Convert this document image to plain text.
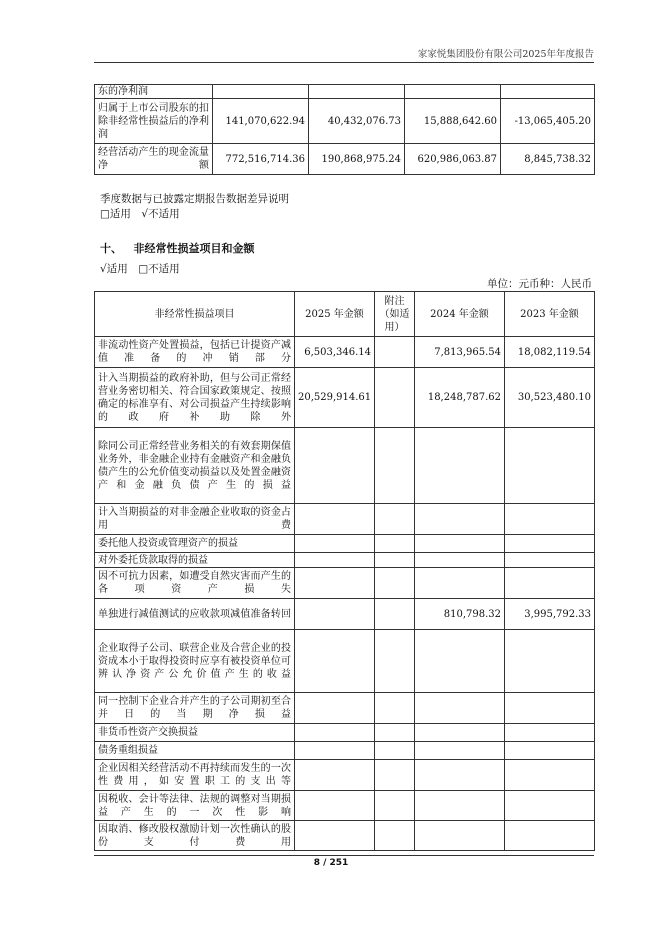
家家悦集团股份有限公司2025年年度报告
东的净利润				
归属于上市公司股东的扣除非经常性损益后的净利润	141,070,622.94	40,432,076.73	15,888,642.60	-13,065,405.20
经营活动产生的现金流量净额	772,516,714.36	190,868,975.24	620,986,063.87	8,845,738.32
季度数据与已披露定期报告数据差异说明
□适用　√不适用
十、 非经常性损益项目和金额
√适用　□不适用
单位：元币种：人民币
非经常性损益项目	2025 年金额	附注（如适用）	2024 年金额	2023 年金额
非流动性资产处置损益，包括已计提资产减值准备的冲销部分	6,503,346.14		7,813,965.54	18,082,119.54
计入当期损益的政府补助，但与公司正常经营业务密切相关、符合国家政策规定、按照确定的标准享有、对公司损益产生持续影响的政府补助除外	20,529,914.61		18,248,787.62	30,523,480.10
除同公司正常经营业务相关的有效套期保值业务外，非金融企业持有金融资产和金融负债产生的公允价值变动损益以及处置金融资产和金融负债产生的损益				
计入当期损益的对非金融企业收取的资金占用费				
委托他人投资或管理资产的损益				
对外委托贷款取得的损益				
因不可抗力因素，如遭受自然灾害而产生的各项资产损失				
单独进行减值测试的应收款项减值准备转回			810,798.32	3,995,792.33
企业取得子公司、联营企业及合营企业的投资成本小于取得投资时应享有被投资单位可辨认净资产公允价值产生的收益				
同一控制下企业合并产生的子公司期初至合并日的当期净损益				
非货币性资产交换损益				
债务重组损益				
企业因相关经营活动不再持续而发生的一次性费用，如安置职工的支出等				
因税收、会计等法律、法规的调整对当期损益产生的一次性影响				
因取消、修改股权激励计划一次性确认的股份支付费用				
8 / 251
